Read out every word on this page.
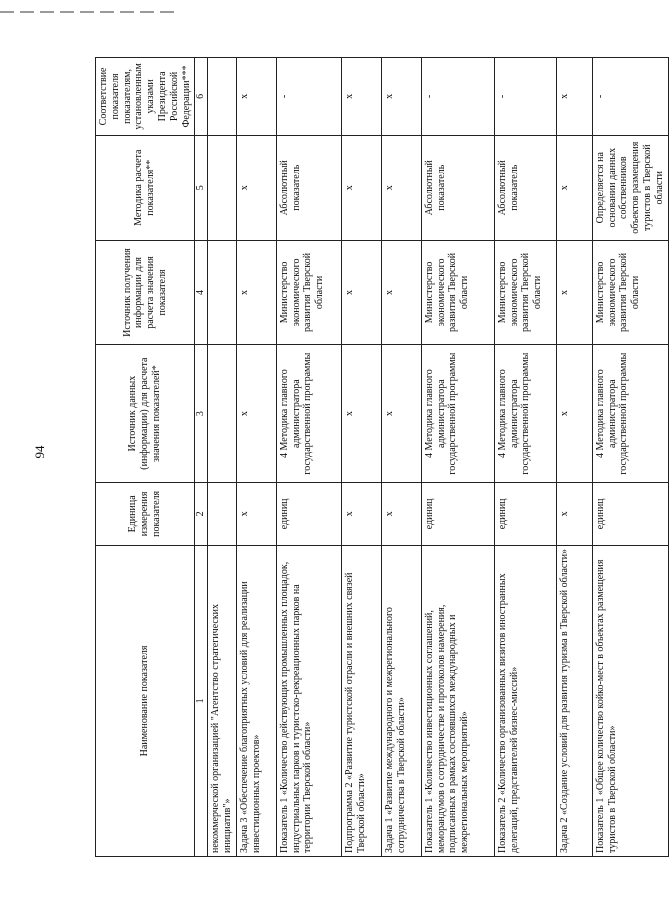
94
Наименование показателя	Единица измерения показателя	Источник данных (информации) для расчета значения показателей*	Источник получения информации для расчета значения показателя	Методика расчета показателя**	Соответствие показателя показателям, установленным указами Президента Российской Федерации***
1	2	3	4	5	6
некоммерческой организацией "Агентство стратегических инициатив"»					
Задача 3 «Обеспечение благоприятных условий для реализации инвестиционных проектов»	х	х	х	х	х
Показатель 1 «Количество действующих промышленных площадок, индустриальных парков и туристско-рекреационных парков на территории Тверской области»	единиц	4 Методика главного администратора государственной программы	Министерство экономического развития Тверской области	Абсолютный показатель	-
Подпрограмма 2 «Развитие туристской отрасли и внешних связей Тверской области»	х	х	х	х	х
Задача 1 «Развитие международного и межрегионального сотрудничества в Тверской области»	х	х	х	х	х
Показатель 1 «Количество инвестиционных соглашений, меморандумов о сотрудничестве и протоколов намерения, подписанных в рамках состоявшихся международных и межрегиональных мероприятий»	единиц	4 Методика главного администратора государственной программы	Министерство экономического развития Тверской области	Абсолютный показатель	-
Показатель 2 «Количество организованных визитов иностранных делегаций, представителей бизнес-миссий»	единиц	4 Методика главного администратора государственной программы	Министерство экономического развития Тверской области	Абсолютный показатель	-
Задача 2 «Создание условий для развития туризма в Тверской области»	х	х	х	х	х
Показатель 1 «Общее количество койко-мест в объектах размещения туристов в Тверской области»	единиц	4 Методика главного администратора государственной программы	Министерство экономического развития Тверской области	Определяется на основании данных собственников объектов размещения туристов в Тверской области	-
